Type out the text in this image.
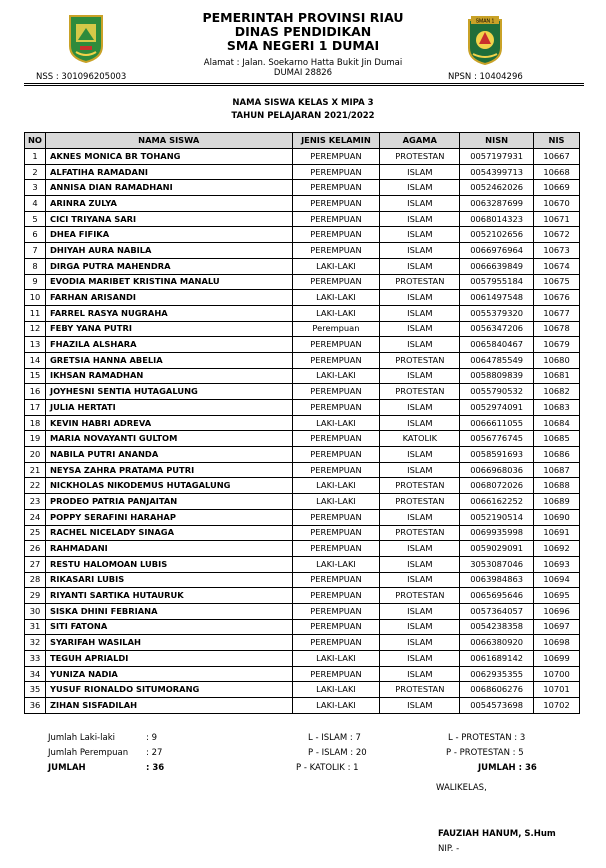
SMAN 1
PEMERINTAH PROVINSI RIAU
DINAS PENDIDIKAN
SMA NEGERI 1 DUMAI
Alamat : Jalan. Soekarno Hatta Bukit Jin Dumai
DUMAI 28826
NSS : 301096205003	NPSN : 10404296
NAMA SISWA KELAS X MIPA 3
TAHUN PELAJARAN 2021/2022
NO	NAMA SISWA	JENIS KELAMIN	AGAMA	NISN	NIS
1	AKNES MONICA BR TOHANG	PEREMPUAN	PROTESTAN	0057197931	10667
2	ALFATIHA RAMADANI	PEREMPUAN	ISLAM	0054399713	10668
3	ANNISA DIAN RAMADHANI	PEREMPUAN	ISLAM	0052462026	10669
4	ARINRA ZULYA	PEREMPUAN	ISLAM	0063287699	10670
5	CICI TRIYANA SARI	PEREMPUAN	ISLAM	0068014323	10671
6	DHEA FIFIKA	PEREMPUAN	ISLAM	0052102656	10672
7	DHIYAH AURA NABILA	PEREMPUAN	ISLAM	0066976964	10673
8	DIRGA PUTRA MAHENDRA	LAKI-LAKI	ISLAM	0066639849	10674
9	EVODIA MARIBET KRISTINA MANALU	PEREMPUAN	PROTESTAN	0057955184	10675
10	FARHAN ARISANDI	LAKI-LAKI	ISLAM	0061497548	10676
11	FARREL RASYA NUGRAHA	LAKI-LAKI	ISLAM	0055379320	10677
12	FEBY YANA PUTRI	Perempuan	ISLAM	0056347206	10678
13	FHAZILA ALSHARA	PEREMPUAN	ISLAM	0065840467	10679
14	GRETSIA HANNA ABELIA	PEREMPUAN	PROTESTAN	0064785549	10680
15	IKHSAN RAMADHAN	LAKI-LAKI	ISLAM	0058809839	10681
16	JOYHESNI SENTIA HUTAGALUNG	PEREMPUAN	PROTESTAN	0055790532	10682
17	JULIA HERTATI	PEREMPUAN	ISLAM	0052974091	10683
18	KEVIN HABRI ADREVA	LAKI-LAKI	ISLAM	0066611055	10684
19	MARIA NOVAYANTI GULTOM	PEREMPUAN	KATOLIK	0056776745	10685
20	NABILA PUTRI ANANDA	PEREMPUAN	ISLAM	0058591693	10686
21	NEYSA ZAHRA PRATAMA PUTRI	PEREMPUAN	ISLAM	0066968036	10687
22	NICKHOLAS NIKODEMUS HUTAGALUNG	LAKI-LAKI	PROTESTAN	0068072026	10688
23	PRODEO PATRIA PANJAITAN	LAKI-LAKI	PROTESTAN	0066162252	10689
24	POPPY SERAFINI HARAHAP	PEREMPUAN	ISLAM	0052190514	10690
25	RACHEL NICELADY SINAGA	PEREMPUAN	PROTESTAN	0069935998	10691
26	RAHMADANI	PEREMPUAN	ISLAM	0059029091	10692
27	RESTU HALOMOAN LUBIS	LAKI-LAKI	ISLAM	3053087046	10693
28	RIKASARI LUBIS	PEREMPUAN	ISLAM	0063984863	10694
29	RIYANTI SARTIKA HUTAURUK	PEREMPUAN	PROTESTAN	0065695646	10695
30	SISKA DHINI FEBRIANA	PEREMPUAN	ISLAM	0057364057	10696
31	SITI FATONA	PEREMPUAN	ISLAM	0054238358	10697
32	SYARIFAH WASILAH	PEREMPUAN	ISLAM	0066380920	10698
33	TEGUH APRIALDI	LAKI-LAKI	ISLAM	0061689142	10699
34	YUNIZA NADIA	PEREMPUAN	ISLAM	0062935355	10700
35	YUSUF RIONALDO SITUMORANG	LAKI-LAKI	PROTESTAN	0068606276	10701
36	ZIHAN SISFADILAH	LAKI-LAKI	ISLAM	0054573698	10702
Jumlah Laki-laki	: 9
Jumlah Perempuan : 27
JUMLAH	: 36
L - ISLAM : 7
P - ISLAM : 20
P - KATOLIK : 1
L - PROTESTAN : 3
P - PROTESTAN : 5
JUMLAH : 36
WALIKELAS,
FAUZIAH HANUM, S.Hum
NIP. -
